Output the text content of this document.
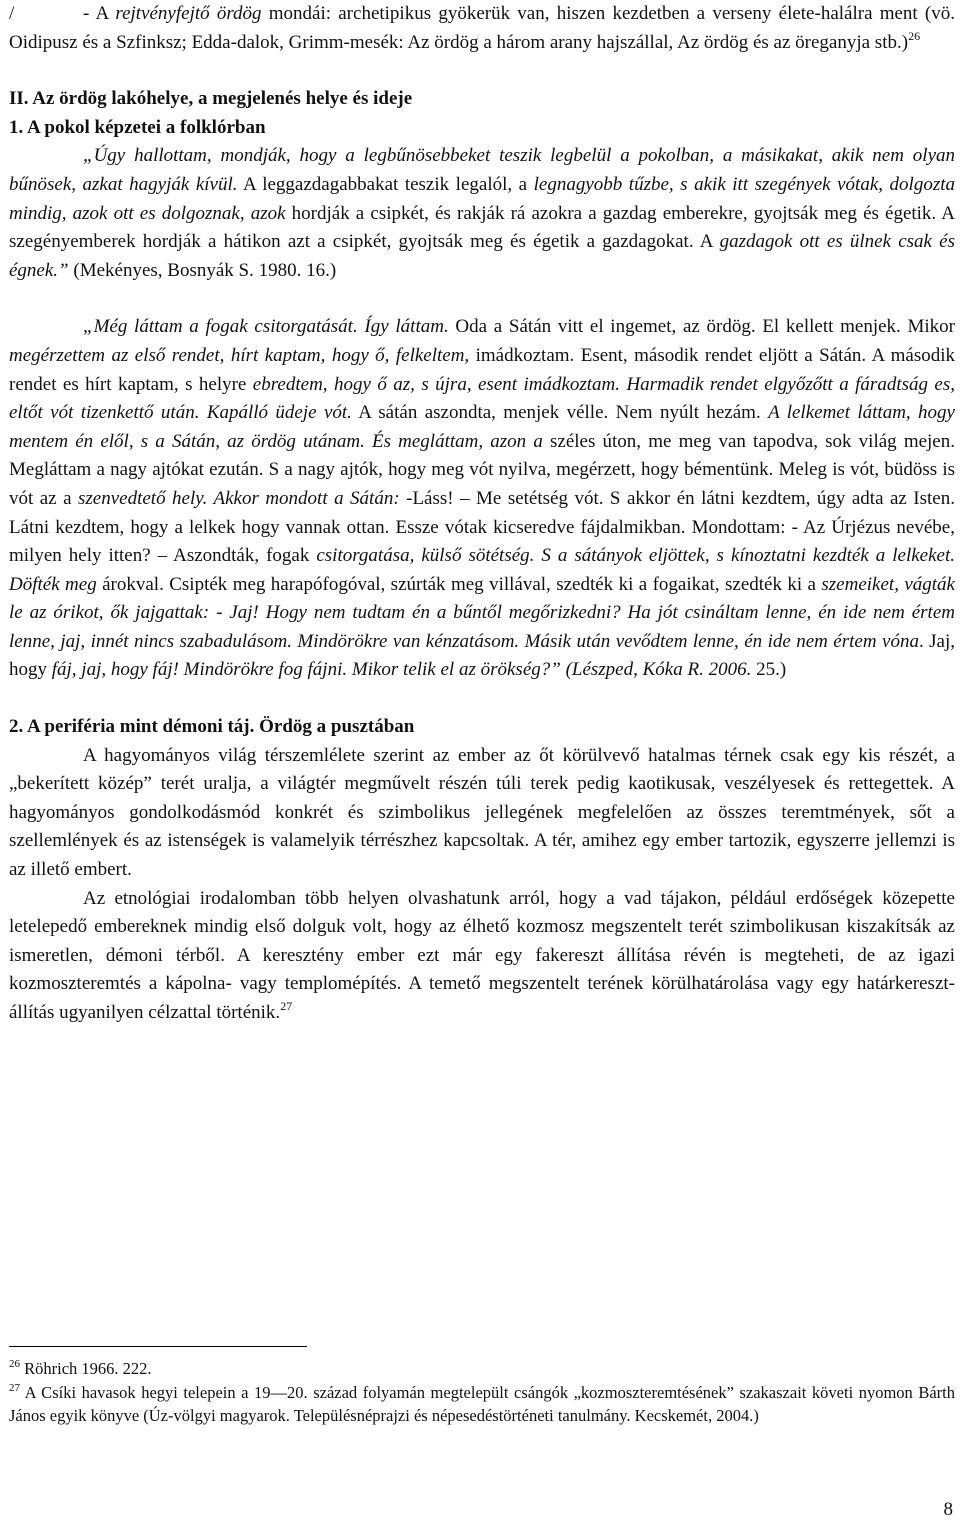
/	- A rejtvényfejtő ördög mondái: archetipikus gyökerük van, hiszen kezdetben a verseny élete-halálra ment (vö. Oidipusz és a Szfinksz; Edda-dalok, Grimm-mesék: Az ördög a három arany hajszállal, Az ördög és az öreganyja stb.)$^{26}$

II. Az ördög lakóhelye, a megjelenés helye és ideje

1. A pokol képzetei a folklórban

„Úgy hallottam, mondják, hogy a legbűnösebbeket teszik legbelül a pokolban, a másikakat, akik nem olyan bűnösek, azkat hagyják kívül. A leggazdagabbakat teszik legalól, a legnagyobb tűzbe, s akik itt szegények vótak, dolgozta mindig, azok ott es dolgoznak, azok hordják a csipkét, és rakják rá azokra a gazdag emberekre, gyojtsák meg és égetik. A szegényemberek hordják a hátikon azt a csipkét, gyojtsák meg és égetik a gazdagokat. A gazdagok ott es ülnek csak és égnek.” (Mekényes, Bosnyák S. 1980. 16.)

„Még láttam a fogak csitorgatását. Így láttam. Oda a Sátán vitt el ingemet, az ördög. El kellett menjek. Mikor megérzettem az első rendet, hírt kaptam, hogy ő, felkeltem, imádkoztam. Esent, második rendet eljött a Sátán. A második rendet es hírt kaptam, s helyre ebredtem, hogy ő az, s újra, esent imádkoztam. Harmadik rendet elgyőzőtt a fáradtság es, eltőt vót tizenkettő után. Kapálló üdeje vót. A sátán aszondta, menjek vélle. Nem nyúlt hezám. A lelkemet láttam, hogy mentem én elől, s a Sátán, az ördög utánam. És megláttam, azon a széles úton, me meg van tapodva, sok világ mejen. Megláttam a nagy ajtókat ezután. S a nagy ajtók, hogy meg vót nyilva, megérzett, hogy bémentünk. Meleg is vót, büdöss is vót az a szenvedtető hely. Akkor mondott a Sátán: -Láss! – Me setétség vót. S akkor én látni kezdtem, úgy adta az Isten. Látni kezdtem, hogy a lelkek hogy vannak ottan. Essze vótak kicseredve fájdalmikban. Mondottam: - Az Úrjézus nevébe, milyen hely itten? – Aszondták, fogak csitorgatása, külső sötétség. S a sátányok eljöttek, s kínoztatni kezdték a lelkeket. Döfték meg árokval. Csipték meg harapófogóval, szúrták meg villával, szedték ki a fogaikat, szedték ki a szemeiket, vágták le az órikot, ők jajgattak: - Jaj! Hogy nem tudtam én a bűntől megőrizkedni? Ha jót csináltam lenne, én ide nem értem lenne, jaj, innét nincs szabadulásom. Mindörökre van kénzatásom. Másik után vevődtem lenne, én ide nem értem vóna. Jaj, hogy fáj, jaj, hogy fáj! Mindörökre fog fájni. Mikor telik el az örökség?” (Lészped, Kóka R. 2006. 25.)

2. A periféria mint démoni táj. Ördög a pusztában

A hagyományos világ térszemlélete szerint az ember az őt körülvevő hatalmas térnek csak egy kis részét, a „bekerített közép” terét uralja, a világtér megművelt részén túli terek pedig kaotikusak, veszélyesek és rettegettek. A hagyományos gondolkodásmód konkrét és szimbolikus jellegének megfelelően az összes teremtmények, sőt a szellemlények és az istenségek is valamelyik térrészhez kapcsoltak. A tér, amihez egy ember tartozik, egyszerre jellemzi is az illető embert.

Az etnológiai irodalomban több helyen olvashatunk arról, hogy a vad tájakon, például erdőségek közepette letelepedő embereknek mindig első dolguk volt, hogy az élhető kozmosz megszentelt terét szimbolikusan kiszakítsák az ismeretlen, démoni térből. A keresztény ember ezt már egy fakereszt állítása révén is megteheti, de az igazi kozmoszteremtés a kápolna- vagy templomépítés. A temető megszentelt terének körülhatárolása vagy egy határkereszt-állítás ugyanilyen célzattal történik.$^{27}$

$^{26}$ Röhrich 1966. 222.

$^{27}$ A Csíki havasok hegyi telepein a 19—20. század folyamán megtelepült csángók „kozmoszteremtésének” szakaszait követi nyomon Bárth János egyik könyve (Úz-völgyi magyarok. Településnéprajzi és népesedéstörténeti tanulmány. Kecskemét, 2004.)

8
